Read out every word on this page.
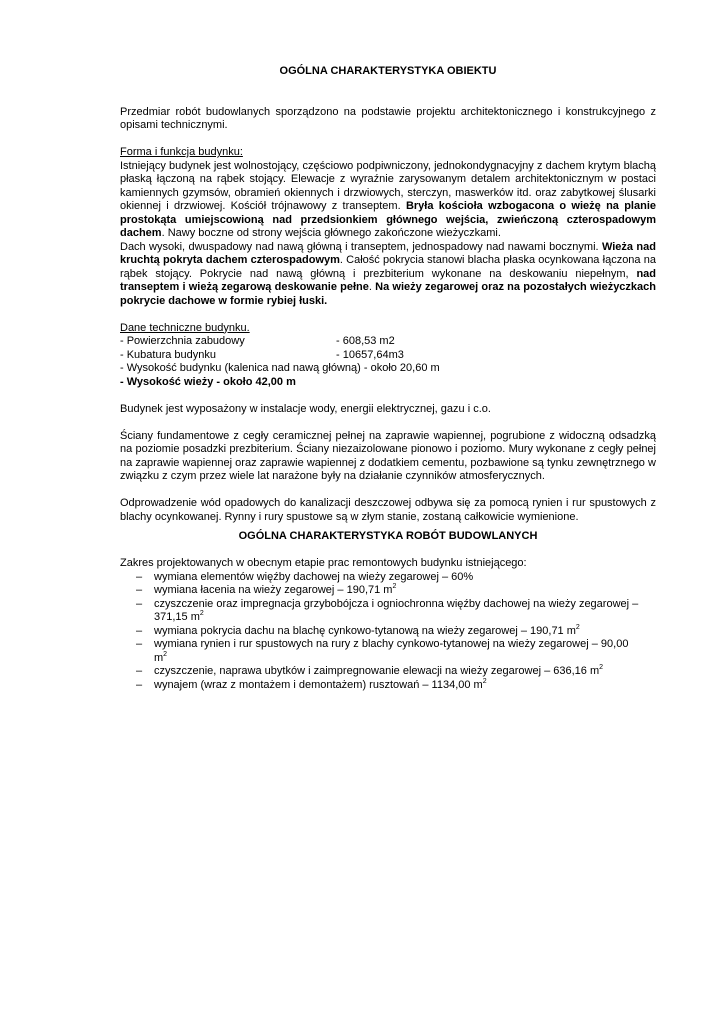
OGÓLNA CHARAKTERYSTYKA OBIEKTU

Przedmiar robót budowlanych sporządzono na podstawie projektu architektonicznego i konstrukcyjnego z opisami technicznymi.

Forma i funkcja budynku:

Istniejący budynek jest wolnostojący, częściowo podpiwniczony, jednokondygnacyjny z dachem krytym blachą płaską łączoną na rąbek stojący. Elewacje z wyraźnie zarysowanym detalem architektonicznym w postaci kamiennych gzymsów, obramień okiennych i drzwiowych, sterczyn, maswerków itd. oraz zabytkowej ślusarki okiennej i drzwiowej. Kościół trójnawowy z transeptem. Bryła kościoła wzbogacona o wieżę na planie prostokąta umiejscowioną nad przedsionkiem głównego wejścia, zwieńczoną czterospadowym dachem. Nawy boczne od strony wejścia głównego zakończone wieżyczkami.

Dach wysoki, dwuspadowy nad nawą główną i transeptem, jednospadowy nad nawami bocznymi. Wieża nad kruchtą pokryta dachem czterospadowym. Całość pokrycia stanowi blacha płaska ocynkowana łączona na rąbek stojący. Pokrycie nad nawą główną i prezbiterium wykonane na deskowaniu niepełnym, nad transeptem i wieżą zegarową deskowanie pełne. Na wieży zegarowej oraz na pozostałych wieżyczkach pokrycie dachowe w formie rybiej łuski.

Dane techniczne budynku.

- Powierzchnia zabudowy	- 608,53 m2
- Kubatura budynku	- 10657,64m3

- Wysokość budynku (kalenica nad nawą główną) - około 20,60 m

- Wysokość wieży - około 42,00 m

Budynek jest wyposażony w instalacje wody, energii elektrycznej, gazu i c.o.

Ściany fundamentowe z cegły ceramicznej pełnej na zaprawie wapiennej, pogrubione z widoczną odsadzką na poziomie posadzki prezbiterium. Ściany niezaizolowane pionowo i poziomo. Mury wykonane z cegły pełnej na zaprawie wapiennej oraz zaprawie wapiennej z dodatkiem cementu, pozbawione są tynku zewnętrznego w związku z czym przez wiele lat narażone były na działanie czynników atmosferycznych.

Odprowadzenie wód opadowych do kanalizacji deszczowej odbywa się za pomocą rynien i rur spustowych z blachy ocynkowanej. Rynny i rury spustowe są w złym stanie, zostaną całkowicie wymienione.

OGÓLNA CHARAKTERYSTYKA ROBÓT BUDOWLANYCH

Zakres projektowanych w obecnym etapie prac remontowych budynku istniejącego:

– wymiana elementów więźby dachowej na wieży zegarowej – 60%
– wymiana łacenia na wieży zegarowej – 190,71 $m^2$
– czyszczenie oraz impregnacja grzybobójcza i ogniochronna więźby dachowej na wieży zegarowej – 371,15 $m^2$
– wymiana pokrycia dachu na blachę cynkowo-tytanową na wieży zegarowej – 190,71 $m^2$
– wymiana rynien i rur spustowych na rury z blachy cynkowo-tytanowej na wieży zegarowej – 90,00 $m^2$
– czyszczenie, naprawa ubytków i zaimpregnowanie elewacji na wieży zegarowej – 636,16 $m^2$
– wynajem (wraz z montażem i demontażem) rusztowań – 1134,00 $m^2$
